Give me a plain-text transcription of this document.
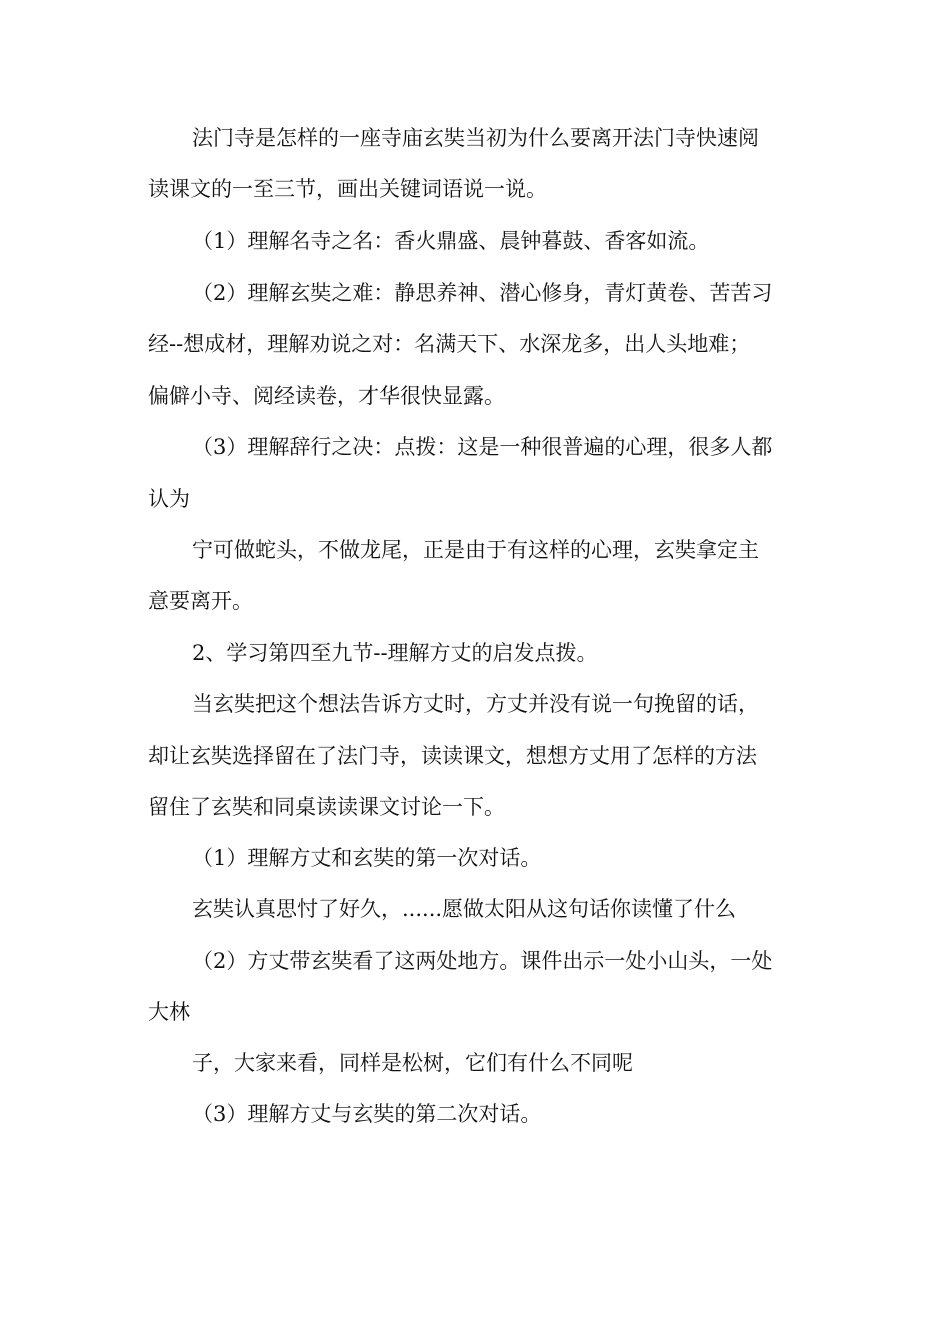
法门寺是怎样的一座寺庙玄奘当初为什么要离开法门寺快速阅
读课文的一至三节，画出关键词语说一说。
（1）理解名寺之名：香火鼎盛、晨钟暮鼓、香客如流。
（2）理解玄奘之难：静思养神、潜心修身，青灯黄卷、苦苦习
经--想成材，理解劝说之对：名满天下、水深龙多，出人头地难；
偏僻小寺、阅经读卷，才华很快显露。
（3）理解辞行之决：点拨：这是一种很普遍的心理，很多人都
认为
宁可做蛇头，不做龙尾，正是由于有这样的心理，玄奘拿定主
意要离开。
2、学习第四至九节--理解方丈的启发点拨。
当玄奘把这个想法告诉方丈时，方丈并没有说一句挽留的话，
却让玄奘选择留在了法门寺，读读课文，想想方丈用了怎样的方法
留住了玄奘和同桌读读课文讨论一下。
（1）理解方丈和玄奘的第一次对话。
玄奘认真思忖了好久，......愿做太阳从这句话你读懂了什么
（2）方丈带玄奘看了这两处地方。课件出示一处小山头，一处
大林
子，大家来看，同样是松树，它们有什么不同呢
（3）理解方丈与玄奘的第二次对话。
